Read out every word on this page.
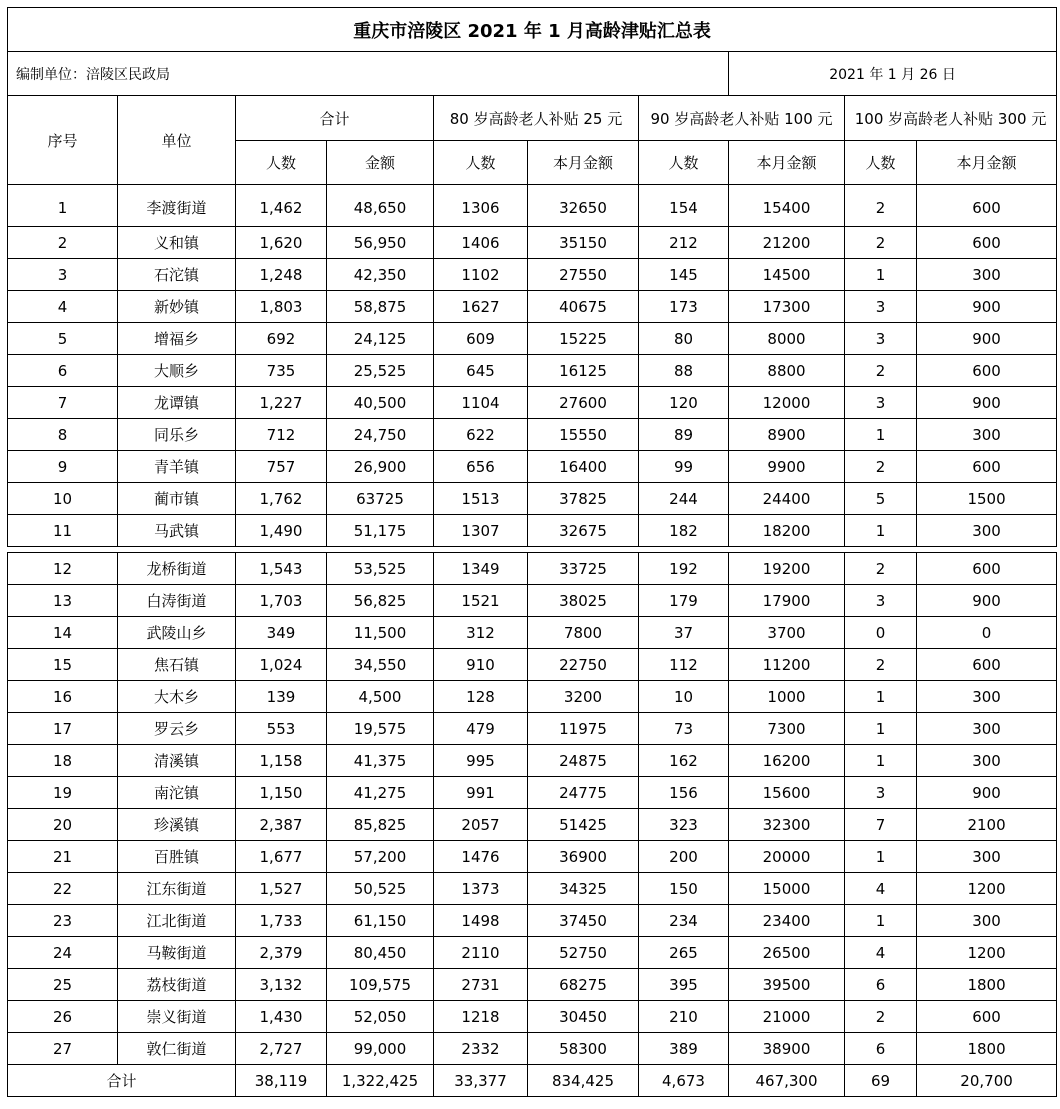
重庆市涪陵区 2021 年 1 月高龄津贴汇总表									
编制单位：涪陵区民政局							2021 年 1 月 26 日		
序号	单位	合计		80 岁高龄老人补贴 25 元		90 岁高龄老人补贴 100 元		100 岁高龄老人补贴 300 元	
		人数	金额	人数	本月金额	人数	本月金额	人数	本月金额
1	李渡街道	1,462	48,650	1306	32650	154	15400	2	600
2	义和镇	1,620	56,950	1406	35150	212	21200	2	600
3	石沱镇	1,248	42,350	1102	27550	145	14500	1	300
4	新妙镇	1,803	58,875	1627	40675	173	17300	3	900
5	增福乡	692	24,125	609	15225	80	8000	3	900
6	大顺乡	735	25,525	645	16125	88	8800	2	600
7	龙谭镇	1,227	40,500	1104	27600	120	12000	3	900
8	同乐乡	712	24,750	622	15550	89	8900	1	300
9	青羊镇	757	26,900	656	16400	99	9900	2	600
10	蔺市镇	1,762	63725	1513	37825	244	24400	5	1500
11	马武镇	1,490	51,175	1307	32675	182	18200	1	300

12	龙桥街道	1,543	53,525	1349	33725	192	19200	2	600
13	白涛街道	1,703	56,825	1521	38025	179	17900	3	900
14	武陵山乡	349	11,500	312	7800	37	3700	0	0
15	焦石镇	1,024	34,550	910	22750	112	11200	2	600
16	大木乡	139	4,500	128	3200	10	1000	1	300
17	罗云乡	553	19,575	479	11975	73	7300	1	300
18	清溪镇	1,158	41,375	995	24875	162	16200	1	300
19	南沱镇	1,150	41,275	991	24775	156	15600	3	900
20	珍溪镇	2,387	85,825	2057	51425	323	32300	7	2100
21	百胜镇	1,677	57,200	1476	36900	200	20000	1	300
22	江东街道	1,527	50,525	1373	34325	150	15000	4	1200
23	江北街道	1,733	61,150	1498	37450	234	23400	1	300
24	马鞍街道	2,379	80,450	2110	52750	265	26500	4	1200
25	荔枝街道	3,132	109,575	2731	68275	395	39500	6	1800
26	崇义街道	1,430	52,050	1218	30450	210	21000	2	600
27	敦仁街道	2,727	99,000	2332	58300	389	38900	6	1800
合计		38,119	1,322,425	33,377	834,425	4,673	467,300	69	20,700
